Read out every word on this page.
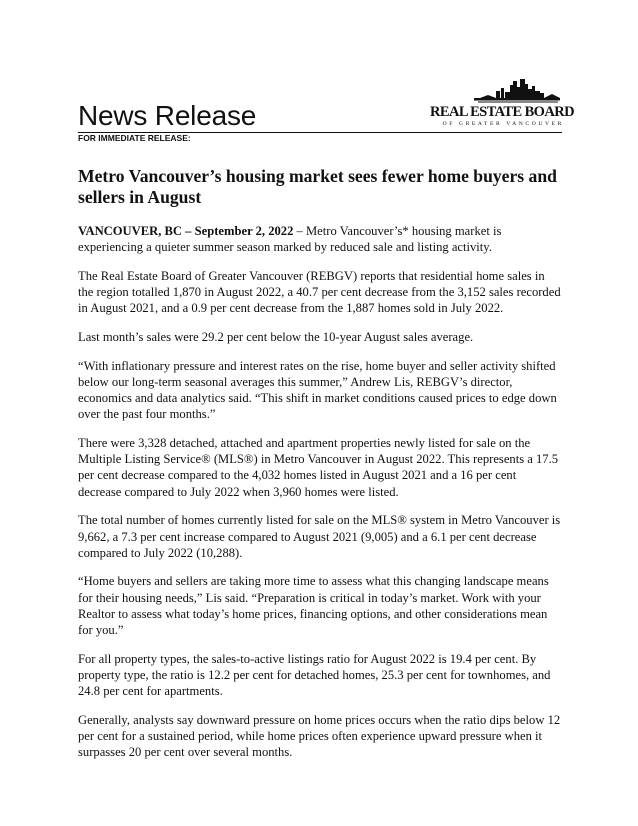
News Release	REAL ESTATE BOARD
OF GREATER VANCOUVER
FOR IMMEDIATE RELEASE:
Metro Vancouver’s housing market sees fewer home buyers and sellers in August

VANCOUVER, BC – September 2, 2022 – Metro Vancouver’s* housing market is experiencing a quieter summer season marked by reduced sale and listing activity.

The Real Estate Board of Greater Vancouver (REBGV) reports that residential home sales in the region totalled 1,870 in August 2022, a 40.7 per cent decrease from the 3,152 sales recorded in August 2021, and a 0.9 per cent decrease from the 1,887 homes sold in July 2022.

Last month’s sales were 29.2 per cent below the 10-year August sales average.

“With inflationary pressure and interest rates on the rise, home buyer and seller activity shifted below our long-term seasonal averages this summer,” Andrew Lis, REBGV’s director, economics and data analytics said. “This shift in market conditions caused prices to edge down over the past four months.”

There were 3,328 detached, attached and apartment properties newly listed for sale on the Multiple Listing Service® (MLS®) in Metro Vancouver in August 2022. This represents a 17.5 per cent decrease compared to the 4,032 homes listed in August 2021 and a 16 per cent decrease compared to July 2022 when 3,960 homes were listed.

The total number of homes currently listed for sale on the MLS® system in Metro Vancouver is 9,662, a 7.3 per cent increase compared to August 2021 (9,005) and a 6.1 per cent decrease compared to July 2022 (10,288).

“Home buyers and sellers are taking more time to assess what this changing landscape means for their housing needs,” Lis said. “Preparation is critical in today’s market. Work with your Realtor to assess what today’s home prices, financing options, and other considerations mean for you.”

For all property types, the sales-to-active listings ratio for August 2022 is 19.4 per cent. By property type, the ratio is 12.2 per cent for detached homes, 25.3 per cent for townhomes, and 24.8 per cent for apartments.

Generally, analysts say downward pressure on home prices occurs when the ratio dips below 12 per cent for a sustained period, while home prices often experience upward pressure when it surpasses 20 per cent over several months.
